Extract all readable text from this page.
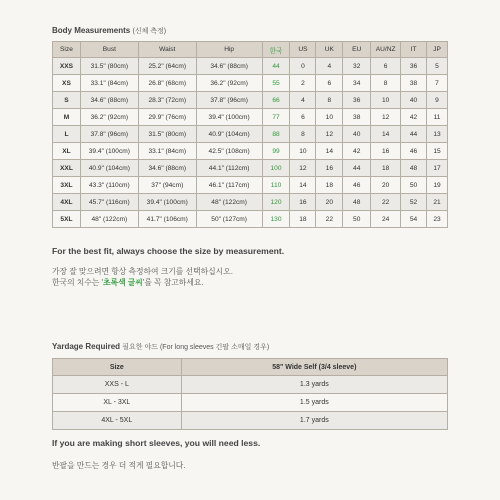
Body Measurements (신체 측정)
Size	Bust	Waist	Hip	한국	US	UK	EU	AU/NZ	IT	JP
XXS	31.5" (80cm)	25.2" (64cm)	34.6" (88cm)	44	0	4	32	6	36	5
XS	33.1" (84cm)	26.8" (68cm)	36.2" (92cm)	55	2	6	34	8	38	7
S	34.6" (88cm)	28.3" (72cm)	37.8" (96cm)	66	4	8	36	10	40	9
M	36.2" (92cm)	29.9" (76cm)	39.4" (100cm)	77	6	10	38	12	42	11
L	37.8" (96cm)	31.5" (80cm)	40.9" (104cm)	88	8	12	40	14	44	13
XL	39.4" (100cm)	33.1" (84cm)	42.5" (108cm)	99	10	14	42	16	46	15
XXL	40.9" (104cm)	34.6" (88cm)	44.1" (112cm)	100	12	16	44	18	48	17
3XL	43.3" (110cm)	37" (94cm)	46.1" (117cm)	110	14	18	46	20	50	19
4XL	45.7" (116cm)	39.4" (100cm)	48" (122cm)	120	16	20	48	22	52	21
5XL	48" (122cm)	41.7" (106cm)	50" (127cm)	130	18	22	50	24	54	23
For the best fit, always choose the size by measurement.
가장 잘 맞으려면 항상 측정하여 크기를 선택하십시오.
한국의 치수는 '초록색 글씨'를 꼭 참고하세요.
Yardage Required 필요한 야드 (For long sleeves 긴팔 소매일 경우)
Size	58" Wide Self (3/4 sleeve)
XXS - L	1.3 yards
XL - 3XL	1.5 yards
4XL - 5XL	1.7 yards
If you are making short sleeves, you will need less.
반팔을 만드는 경우 더 적게 필요합니다.
